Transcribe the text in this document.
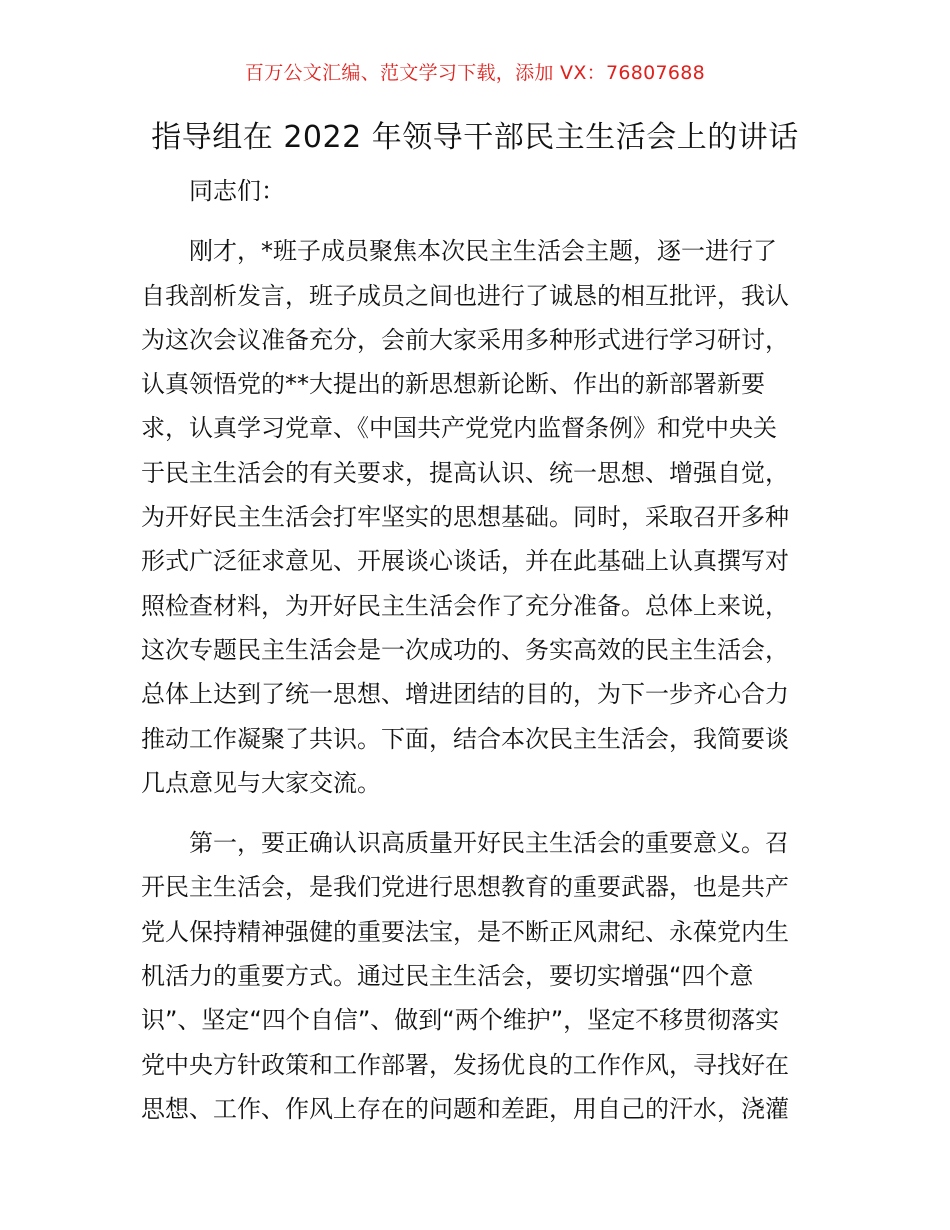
百万公文汇编、范文学习下载，添加 VX：76807688
指导组在 2022 年领导干部民主生活会上的讲话
同志们：
刚才，*班子成员聚焦本次民主生活会主题，逐一进行了
自我剖析发言，班子成员之间也进行了诚恳的相互批评，我认
为这次会议准备充分，会前大家采用多种形式进行学习研讨，
认真领悟党的**大提出的新思想新论断、作出的新部署新要
求，认真学习党章、《中国共产党党内监督条例》和党中央关
于民主生活会的有关要求，提高认识、统一思想、增强自觉，
为开好民主生活会打牢坚实的思想基础。同时，采取召开多种
形式广泛征求意见、开展谈心谈话，并在此基础上认真撰写对
照检查材料，为开好民主生活会作了充分准备。总体上来说，
这次专题民主生活会是一次成功的、务实高效的民主生活会，
总体上达到了统一思想、增进团结的目的，为下一步齐心合力
推动工作凝聚了共识。下面，结合本次民主生活会，我简要谈
几点意见与大家交流。
第一，要正确认识高质量开好民主生活会的重要意义。召
开民主生活会，是我们党进行思想教育的重要武器，也是共产
党人保持精神强健的重要法宝，是不断正风肃纪、永葆党内生
机活力的重要方式。通过民主生活会，要切实增强“四个意
识”、坚定“四个自信”、做到“两个维护”，坚定不移贯彻落实
党中央方针政策和工作部署，发扬优良的工作作风，寻找好在
思想、工作、作风上存在的问题和差距，用自己的汗水，浇灌
